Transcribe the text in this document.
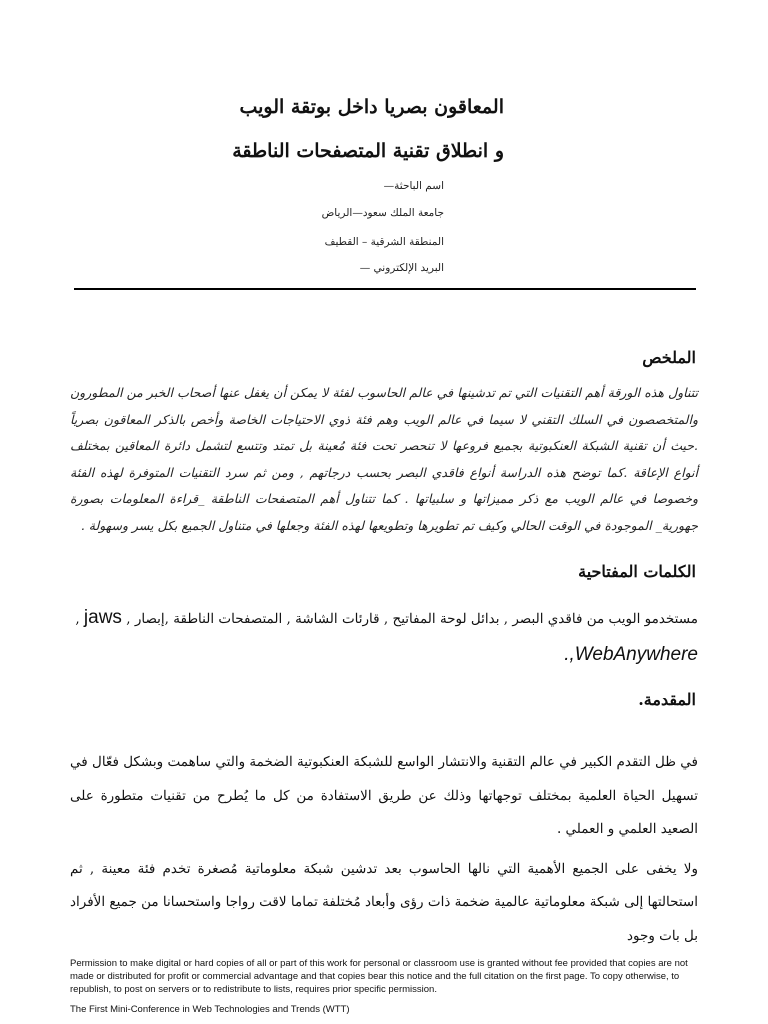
المعاقون بصريا داخل بوتقة الويب
و انطلاق تقنية المتصفحات الناطقة
اسم الباحثة—
جامعة الملك سعود—الرياض
المنطقة الشرقية – القطيف
البريد الإلكتروني —
الملخص
تتناول هذه الورقة أهم التقنيات التي تم تدشينها في عالم الحاسوب لفئة لا يمكن أن يغفل عنها أصحاب الخبر من المطورون والمتخصصون في السلك التقني لا سيما في عالم الويب وهم فئة ذوي الاحتياجات الخاصة وأخص بالذكر المعاقون بصرياً .حيث أن تقنية الشبكة العنكبوتية بجميع فروعها لا تنحصر تحت فئة مُعينة بل تمتد وتتسع لتشمل دائرة المعاقين بمختلف أنواع الإعاقة .كما توضح هذه الدراسة أنواع فاقدي البصر بحسب درجاتهم , ومن ثم سرد التقنيات المتوفرة لهذه الفئة وخصوصا في عالم الويب مع ذكر مميزاتها و سلبياتها . كما تتناول أهم المتصفحات الناطقة _قراءة المعلومات بصورة جهورية_ الموجودة في الوقت الحالي وكيف تم تطويرها وتطويعها لهذه الفئة وجعلها في متناول الجميع بكل يسر وسهولة .
الكلمات المفتاحية
مستخدمو الويب من فاقدي البصر , بدائل لوحة المفاتيح , قارئات الشاشة , المتصفحات الناطقة ,إبصار , jaws ,
.,WebAnywhere
المقدمة.

في ظل التقدم الكبير في عالم التقنية والانتشار الواسع للشبكة العنكبوتية الضخمة والتي ساهمت وبشكل فعّال في تسهيل الحياة العلمية بمختلف توجهاتها وذلك عن طريق الاستفادة من كل ما يُطرح من تقنيات متطورة على الصعيد العلمي و العملي .

ولا يخفى على الجميع الأهمية التي نالها الحاسوب بعد تدشين شبكة معلوماتية مُصغرة تخدم فئة معينة , ثم استحالتها إلى شبكة معلوماتية عالمية ضخمة ذات رؤى وأبعاد مُختلفة تماما لاقت رواجا واستحسانا من جميع الأفراد بل بات وجود

Permission to make digital or hard copies of all or part of this work for personal or classroom use is granted without fee provided that copies are not made or distributed for profit or commercial advantage and that copies bear this notice and the full citation on the first page. To copy otherwise, to republish, to post on servers or to redistribute to lists, requires prior specific permission.
The First Mini-Conference in Web Technologies and Trends (WTT)
